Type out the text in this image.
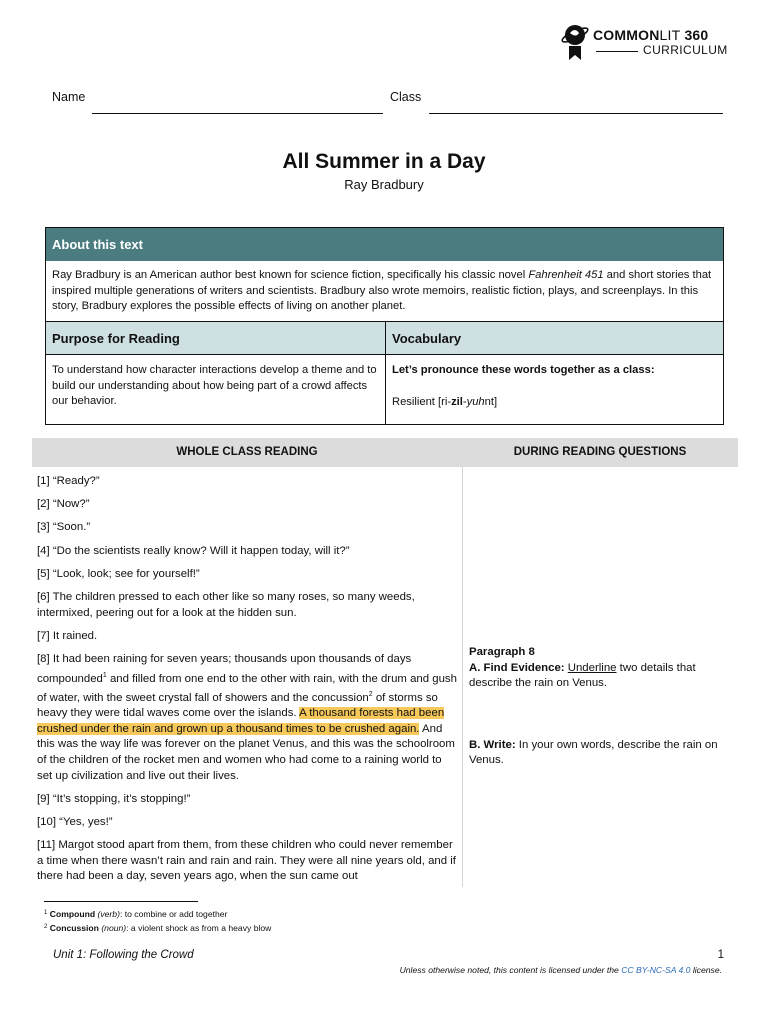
COMMONLIT 360
CURRICULUM
Name	Class
All Summer in a Day
Ray Bradbury
About this text
Ray Bradbury is an American author best known for science fiction, specifically his classic novel Fahrenheit 451 and short stories that inspired multiple generations of writers and scientists. Bradbury also wrote memoirs, realistic fiction, plays, and screenplays. In this story, Bradbury explores the possible effects of living on another planet.
Purpose for Reading	Vocabulary
To understand how character interactions develop a theme and to build our understanding about how being part of a crowd affects our behavior.
Let’s pronounce these words together as a class:
Resilient [ri-zil-yuhnt]
WHOLE CLASS READING	DURING READING QUESTIONS

[1] “Ready?”

[2] “Now?”

[3] “Soon.”

[4] “Do the scientists really know? Will it happen today, will it?”

[5] “Look, look; see for yourself!”

[6] The children pressed to each other like so many roses, so many weeds, intermixed, peering out for a look at the hidden sun.

[7] It rained.

[8] It had been raining for seven years; thousands upon thousands of days compounded$^1$ and filled from one end to the other with rain, with the drum and gush of water, with the sweet crystal fall of showers and the concussion$^2$ of storms so heavy they were tidal waves come over the islands. A thousand forests had been crushed under the rain and grown up a thousand times to be crushed again. And this was the way life was forever on the planet Venus, and this was the schoolroom of the children of the rocket men and women who had come to a raining world to set up civilization and live out their lives.

[9] “It’s stopping, it’s stopping!”

[10] “Yes, yes!”

[11] Margot stood apart from them, from these children who could never remember a time when there wasn’t rain and rain and rain. They were all nine years old, and if there had been a day, seven years ago, when the sun came out

Paragraph 8
A. Find Evidence: Underline two details that describe the rain on Venus.
B. Write: In your own words, describe the rain on Venus.
$^1$ Compound (verb): to combine or add together
$^2$ Concussion (noun): a violent shock as from a heavy blow
Unit 1: Following the Crowd	1
Unless otherwise noted, this content is licensed under the CC BY-NC-SA 4.0 license.
